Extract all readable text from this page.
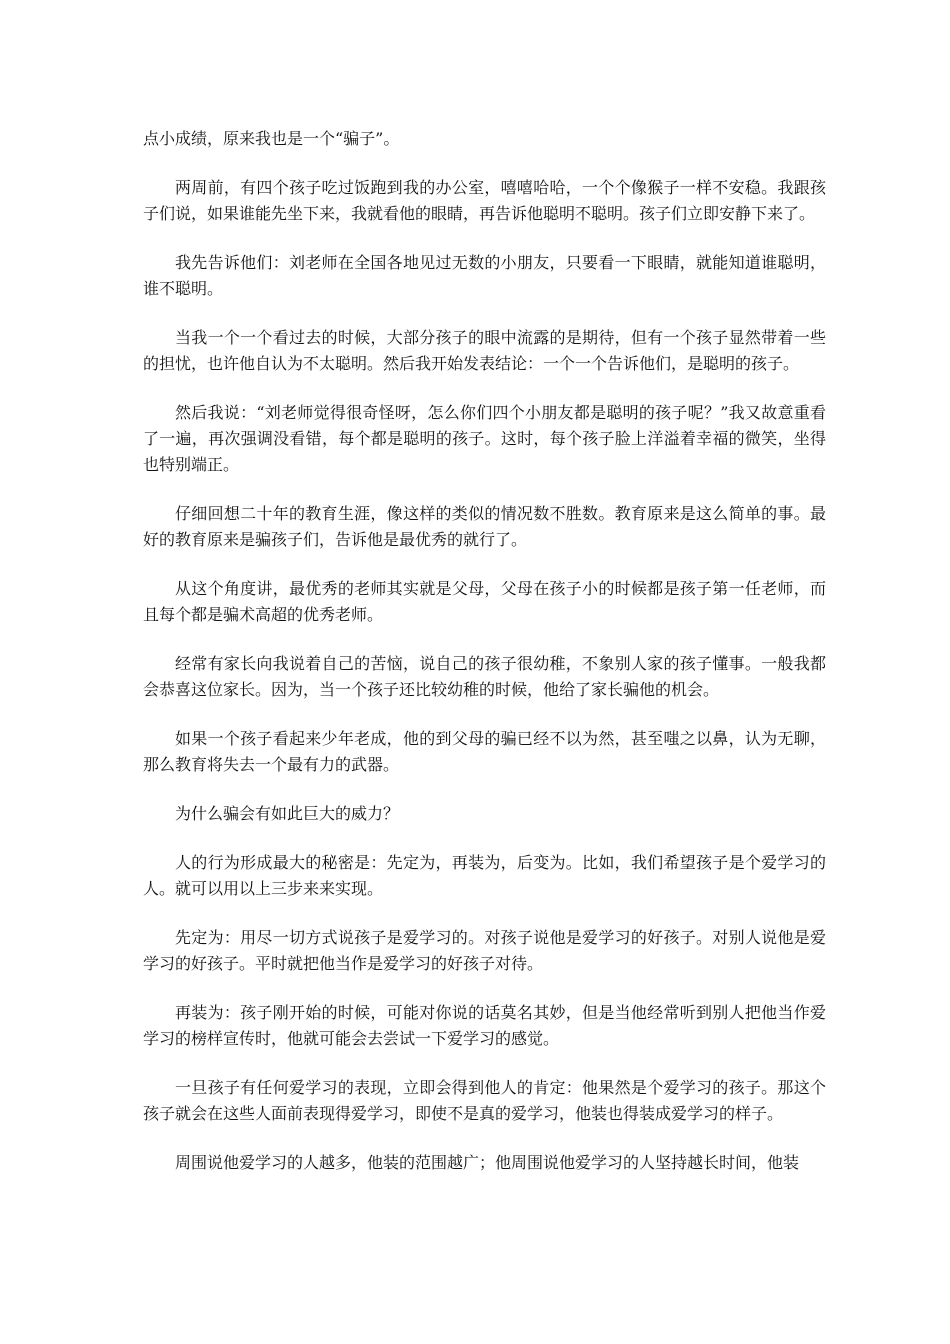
点小成绩，原来我也是一个“骗子”。

两周前，有四个孩子吃过饭跑到我的办公室，嘻嘻哈哈，一个个像猴子一样不安稳。我跟孩子们说，如果谁能先坐下来，我就看他的眼睛，再告诉他聪明不聪明。孩子们立即安静下来了。

我先告诉他们：刘老师在全国各地见过无数的小朋友，只要看一下眼睛，就能知道谁聪明，谁不聪明。

当我一个一个看过去的时候，大部分孩子的眼中流露的是期待，但有一个孩子显然带着一些的担忧，也许他自认为不太聪明。然后我开始发表结论：一个一个告诉他们，是聪明的孩子。

然后我说：“刘老师觉得很奇怪呀，怎么你们四个小朋友都是聪明的孩子呢？”我又故意重看了一遍，再次强调没看错，每个都是聪明的孩子。这时，每个孩子脸上洋溢着幸福的微笑，坐得也特别端正。

仔细回想二十年的教育生涯，像这样的类似的情况数不胜数。教育原来是这么简单的事。最好的教育原来是骗孩子们，告诉他是最优秀的就行了。

从这个角度讲，最优秀的老师其实就是父母，父母在孩子小的时候都是孩子第一任老师，而且每个都是骗术高超的优秀老师。

经常有家长向我说着自己的苦恼，说自己的孩子很幼稚，不象别人家的孩子懂事。一般我都会恭喜这位家长。因为，当一个孩子还比较幼稚的时候，他给了家长骗他的机会。

如果一个孩子看起来少年老成，他的到父母的骗已经不以为然，甚至嗤之以鼻，认为无聊，那么教育将失去一个最有力的武器。

为什么骗会有如此巨大的威力？

人的行为形成最大的秘密是：先定为，再装为，后变为。比如，我们希望孩子是个爱学习的人。就可以用以上三步来来实现。

先定为：用尽一切方式说孩子是爱学习的。对孩子说他是爱学习的好孩子。对别人说他是爱学习的好孩子。平时就把他当作是爱学习的好孩子对待。

再装为：孩子刚开始的时候，可能对你说的话莫名其妙，但是当他经常听到别人把他当作爱学习的榜样宣传时，他就可能会去尝试一下爱学习的感觉。

一旦孩子有任何爱学习的表现，立即会得到他人的肯定：他果然是个爱学习的孩子。那这个孩子就会在这些人面前表现得爱学习，即使不是真的爱学习，他装也得装成爱学习的样子。

周围说他爱学习的人越多，他装的范围越广；他周围说他爱学习的人坚持越长时间，他装
